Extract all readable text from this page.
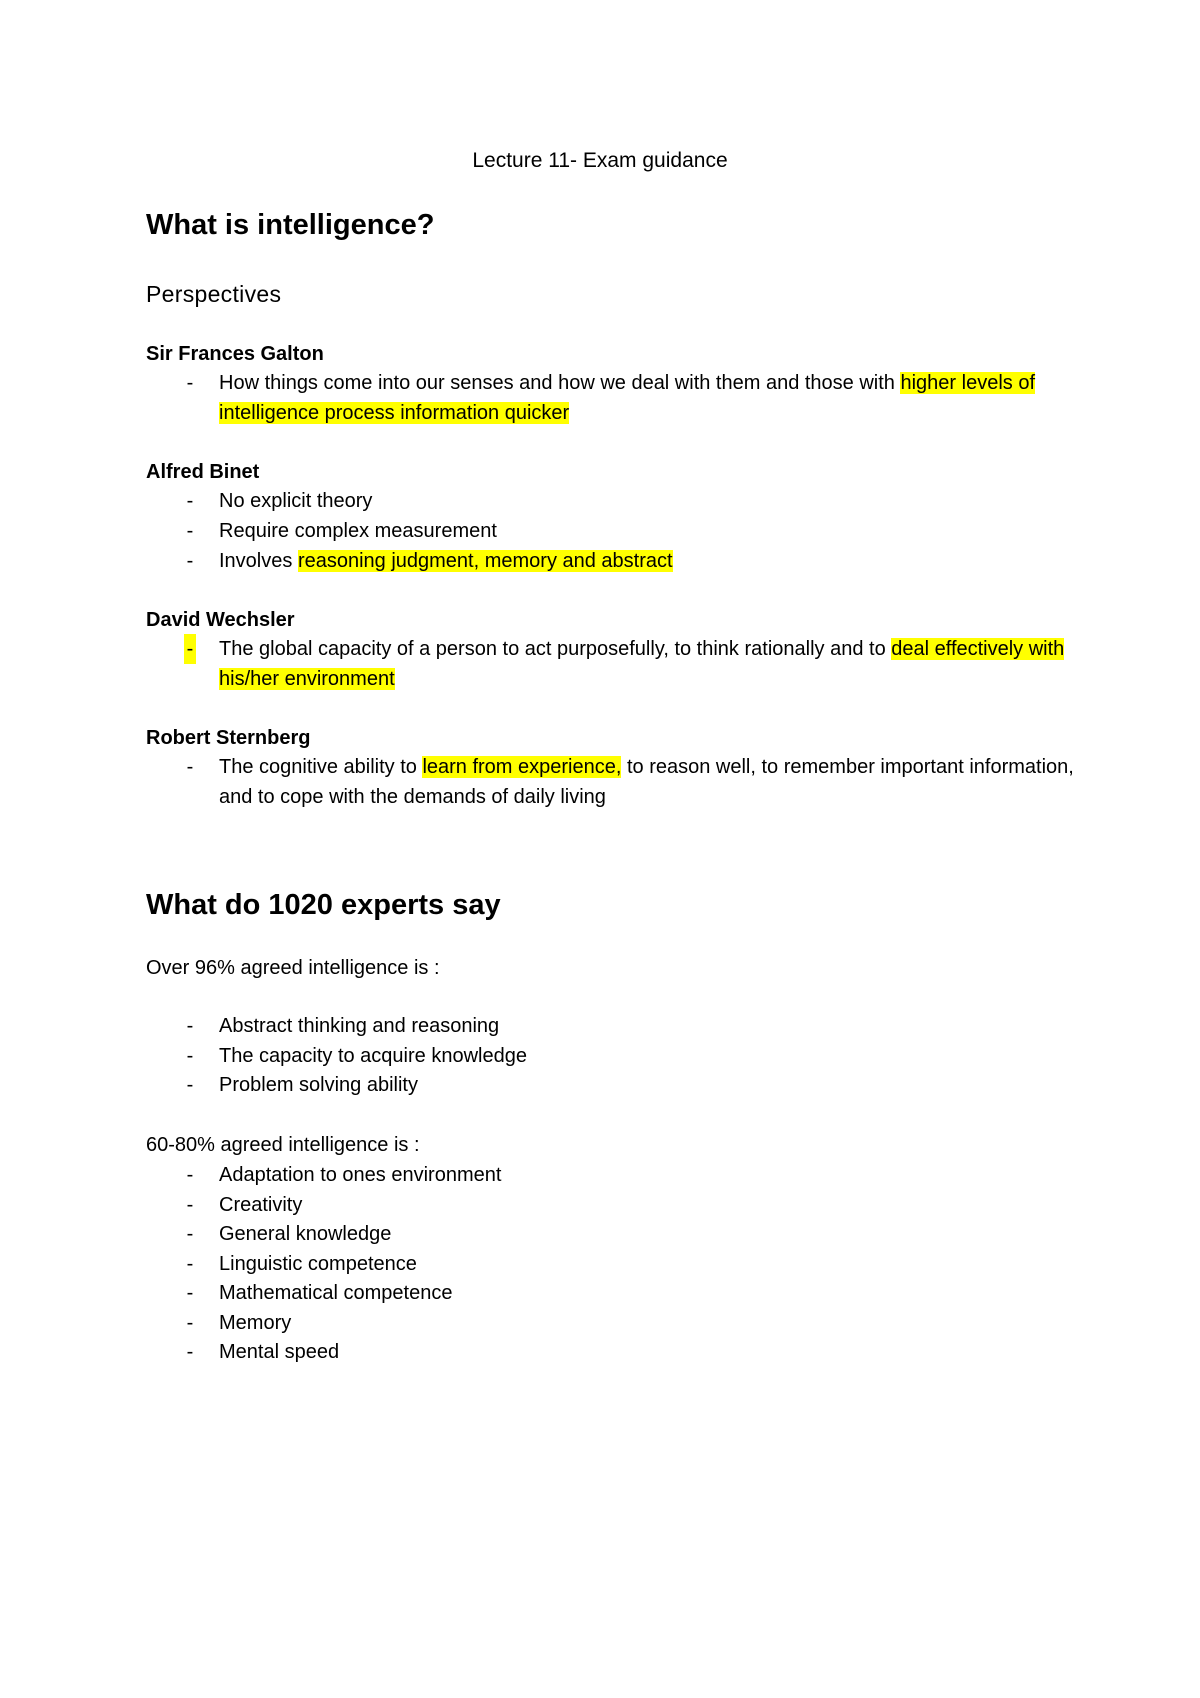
Lecture 11- Exam guidance
What is intelligence?
Perspectives
Sir Frances Galton
- How things come into our senses and how we deal with them and those with higher levels of intelligence process information quicker
Alfred Binet
- No explicit theory
- Require complex measurement
- Involves reasoning judgment, memory and abstract
David Wechsler
- The global capacity of a person to act purposefully, to think rationally and to deal effectively with his/her environment
Robert Sternberg
- The cognitive ability to learn from experience, to reason well, to remember important information, and to cope with the demands of daily living
What do 1020 experts say
Over 96% agreed intelligence is :
- Abstract thinking and reasoning
- The capacity to acquire knowledge
- Problem solving ability
60-80% agreed intelligence is :
- Adaptation to ones environment
- Creativity
- General knowledge
- Linguistic competence
- Mathematical competence
- Memory
- Mental speed
